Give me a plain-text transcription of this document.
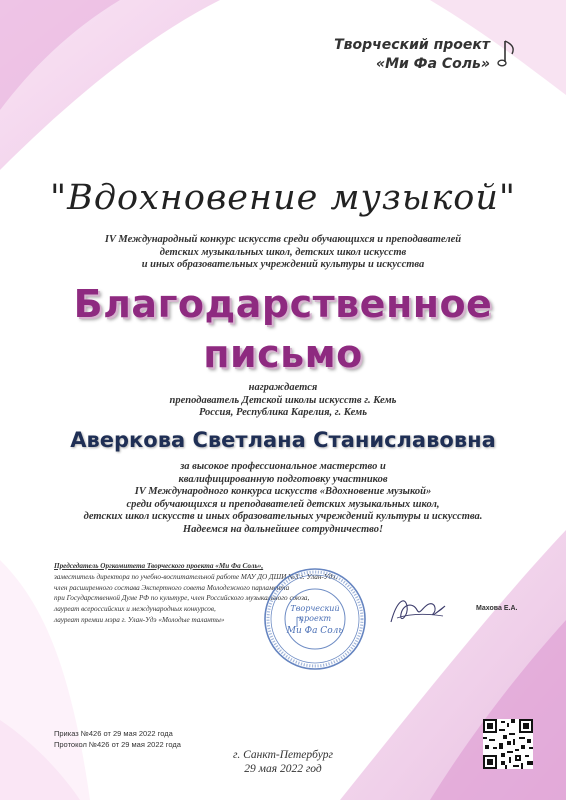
Творческий проект
«Ми Фа Соль»
"Вдохновение музыкой"
IV Международный конкурс искусств среди обучающихся и преподавателей
детских музыкальных школ, детских школ искусств
и иных образовательных учреждений культуры и искусства
Благодарственное
письмо
награждается
преподаватель Детской школы искусств г. Кемь
Россия, Республика Карелия, г. Кемь
Аверкова Светлана Станиславовна
за высокое профессиональное мастерство и
квалифицированную подготовку участников
IV Международного конкурса искусств «Вдохновение музыкой»
среди обучающихся и преподавателей детских музыкальных школ,
детских школ искусств и иных образовательных учреждений культуры и искусства.
Надеемся на дальнейшее сотрудничество!
Председатель Оргкомитета Творческого проекта «Ми Фа Соль»,
заместитель директора по учебно-воспитательной работе МАУ ДО ДШИ №3 г. Улан-Удэ,
член расширенного состава Экспертного совета Молодежного парламента
при Государственной Думе РФ по культуре, член Российского музыкального союза,
лауреат всероссийских и международных конкурсов,
лауреат премии мэра г. Улан-Удэ «Молодые таланты»
Творческий
проект
Ми Фа Соль
Махова Е.А.
Приказ №426 от 29 мая 2022 года
Протокол №426 от 29 мая 2022 года
г. Санкт-Петербург
29 мая 2022 год
